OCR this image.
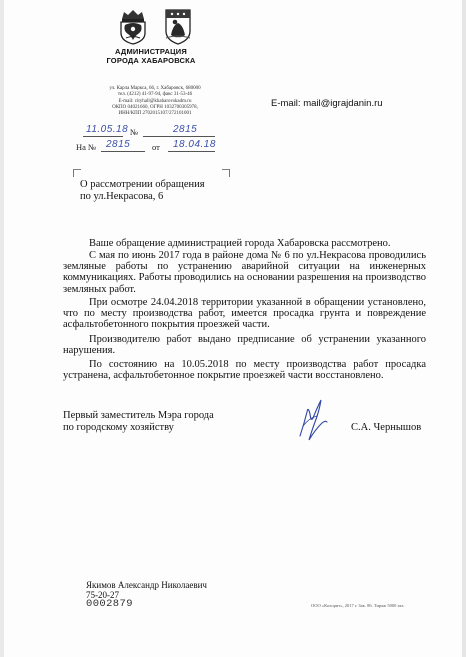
АДМИНИСТРАЦИЯ
ГОРОДА ХАБАРОВСКА
ул. Карла Маркса, 66, г. Хабаровск, 680000
тел. (4212) 41-97-94, факс 31-53-46
E-mail: cityhall@khabarovskadm.ru
ОКПО 04021660, ОГРН 1032700305978,
ИНН/КПП 2702015107/272101001
E-mail: mail@igrajdanin.ru
11.05.18 №	2815
На № 2815	от 18.04.18
О рассмотрении обращения
по ул.Некрасова, 6

Ваше обращение администрацией города Хабаровска рассмотрено.

С мая по июнь 2017 года в районе дома № 6 по ул.Некрасова проводились земляные работы по устранению аварийной ситуации на инженерных коммуникациях. Работы проводились на основании разрешения на производство земляных работ.

При осмотре 24.04.2018 территории указанной в обращении установлено, что по месту производства работ, имеется просадка грунта и повреждение асфальтобетонного покрытия проезжей части.

Производителю работ выдано предписание об устранении указанного нарушения.

По состоянию на 10.05.2018 по месту производства работ просадка устранена, асфальтобетонное покрытие проезжей части восстановлено.

Первый заместитель Мэра города
по городскому хозяйству	С.А. Чернышов
Якимов Александр Николаевич
75-20-27
0002879	ООО «Колорит», 2017 г. Зак. 86. Тираж 5000 экз.
